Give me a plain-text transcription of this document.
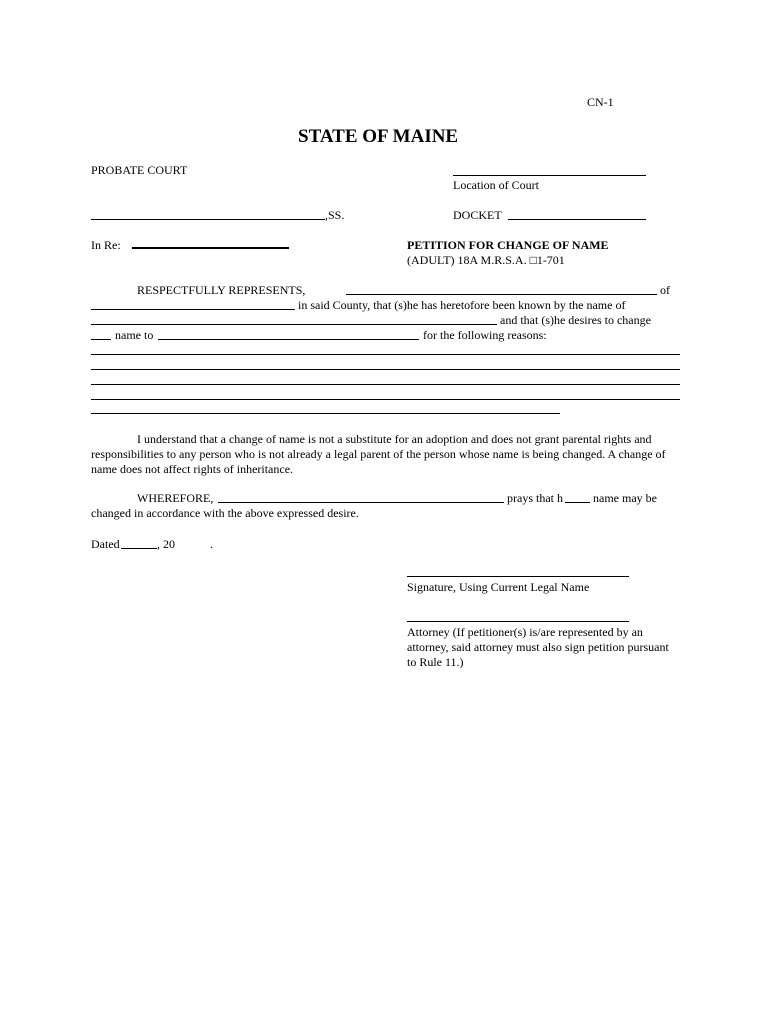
CN-1
STATE OF MAINE
PROBATE COURT
Location of Court
,SS.	DOCKET
In Re:	PETITION FOR CHANGE OF NAME
(ADULT) 18A M.R.S.A. □1-701
RESPECTFULLY REPRESENTS,	of
in said County, that (s)he has heretofore been known by the name of
and that (s)he desires to change
name to	for the following reasons:
I understand that a change of name is not a substitute for an adoption and does not grant parental rights and responsibilities to any person who is not already a legal parent of the person whose name is being changed. A change of name does not affect rights of inheritance.
WHEREFORE,	prays that h	name may be
changed in accordance with the above expressed desire.
Dated	, 20	.
Signature, Using Current Legal Name
Attorney (If petitioner(s) is/are represented by an attorney, said attorney must also sign petition pursuant to Rule 11.)
